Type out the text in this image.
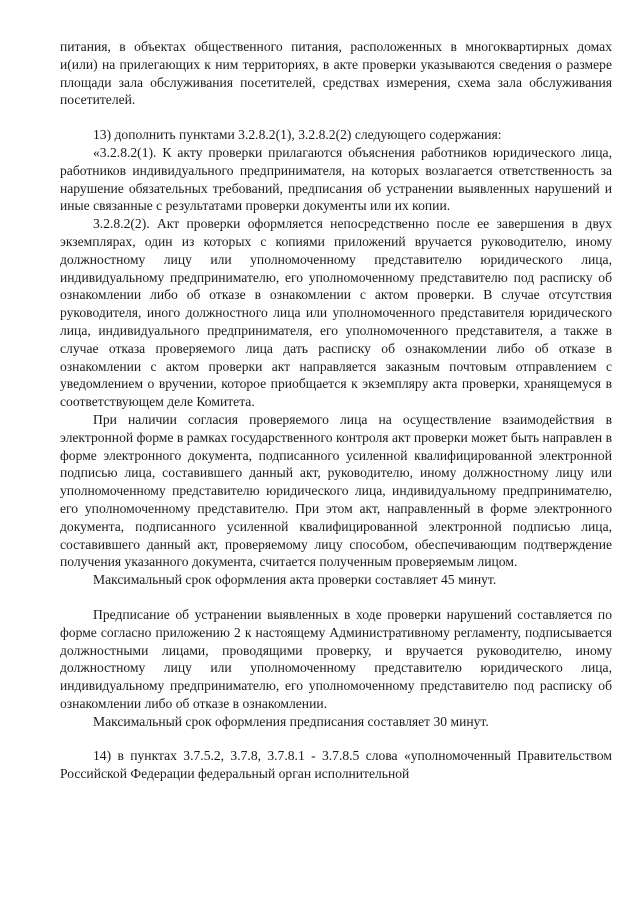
питания, в объектах общественного питания, расположенных в многоквартирных домах и(или) на прилегающих к ним территориях, в акте проверки указываются сведения о размере площади зала обслуживания посетителей, средствах измерения, схема зала обслуживания посетителей.

13) дополнить пунктами 3.2.8.2(1), 3.2.8.2(2) следующего содержания:

«3.2.8.2(1). К акту проверки прилагаются объяснения работников юридического лица, работников индивидуального предпринимателя, на которых возлагается ответственность за нарушение обязательных требований, предписания об устранении выявленных нарушений и иные связанные с результатами проверки документы или их копии.

3.2.8.2(2). Акт проверки оформляется непосредственно после ее завершения в двух экземплярах, один из которых с копиями приложений вручается руководителю, иному должностному лицу или уполномоченному представителю юридического лица, индивидуальному предпринимателю, его уполномоченному представителю под расписку об ознакомлении либо об отказе в ознакомлении с актом проверки. В случае отсутствия руководителя, иного должностного лица или уполномоченного представителя юридического лица, индивидуального предпринимателя, его уполномоченного представителя, а также в случае отказа проверяемого лица дать расписку об ознакомлении либо об отказе в ознакомлении с актом проверки акт направляется заказным почтовым отправлением с уведомлением о вручении, которое приобщается к экземпляру акта проверки, хранящемуся в соответствующем деле Комитета.

При наличии согласия проверяемого лица на осуществление взаимодействия в электронной форме в рамках государственного контроля акт проверки может быть направлен в форме электронного документа, подписанного усиленной квалифицированной электронной подписью лица, составившего данный акт, руководителю, иному должностному лицу или уполномоченному представителю юридического лица, индивидуальному предпринимателю, его уполномоченному представителю. При этом акт, направленный в форме электронного документа, подписанного усиленной квалифицированной электронной подписью лица, составившего данный акт, проверяемому лицу способом, обеспечивающим подтверждение получения указанного документа, считается полученным проверяемым лицом.

Максимальный срок оформления акта проверки составляет 45 минут.

Предписание об устранении выявленных в ходе проверки нарушений составляется по форме согласно приложению 2 к настоящему Административному регламенту, подписывается должностными лицами, проводящими проверку, и вручается руководителю, иному должностному лицу или уполномоченному представителю юридического лица, индивидуальному предпринимателю, его уполномоченному представителю под расписку об ознакомлении либо об отказе в ознакомлении.

Максимальный срок оформления предписания составляет 30 минут.

14) в пунктах 3.7.5.2, 3.7.8, 3.7.8.1 - 3.7.8.5 слова «уполномоченный Правительством Российской Федерации федеральный орган исполнительной
